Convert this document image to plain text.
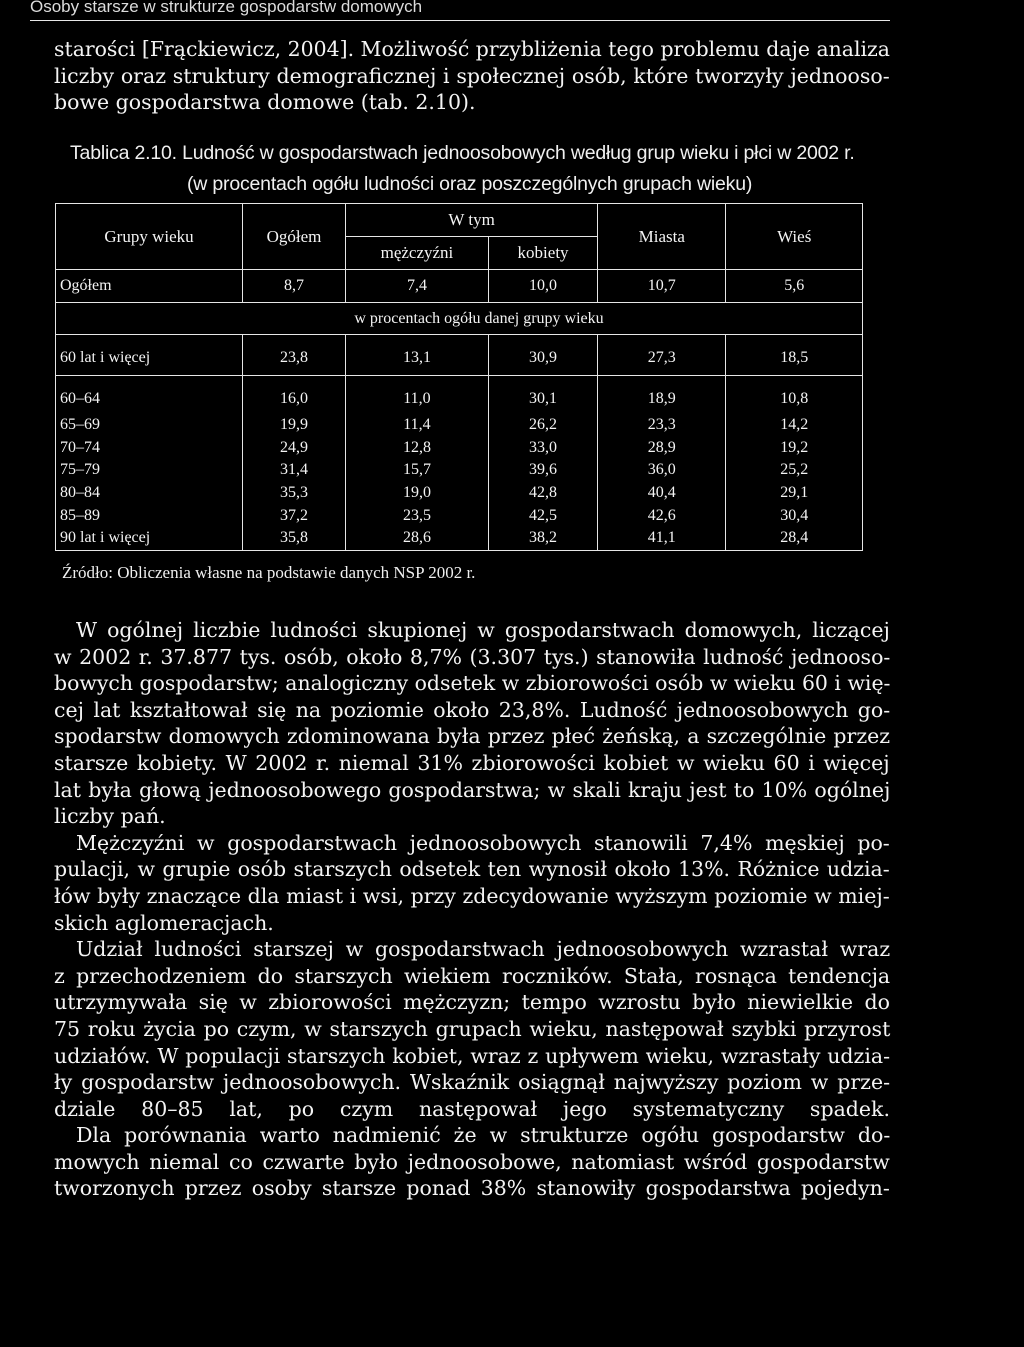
Osoby starsze w strukturze gospodarstw domowych
starości [Frąckiewicz, 2004]. Możliwość przybliżenia tego problemu daje analiza
liczby oraz struktury demograficznej i społecznej osób, które tworzyły jednooso-
bowe gospodarstwa domowe (tab. 2.10).
Tablica 2.10. Ludność w gospodarstwach jednoosobowych według grup wieku i płci w 2002 r.
(w procentach ogółu ludności oraz poszczególnych grupach wieku)
Grupy wieku	Ogółem	W tym		Miasta	Wieś
		mężczyźni	kobiety		
Ogółem	8,7	7,4	10,0	10,7	5,6
w procentach ogółu danej grupy wieku					
60 lat i więcej	23,8	13,1	30,9	27,3	18,5
60–64	16,0	11,0	30,1	18,9	10,8
65–69	19,9	11,4	26,2	23,3	14,2
70–74	24,9	12,8	33,0	28,9	19,2
75–79	31,4	15,7	39,6	36,0	25,2
80–84	35,3	19,0	42,8	40,4	29,1
85–89	37,2	23,5	42,5	42,6	30,4
90 lat i więcej	35,8	28,6	38,2	41,1	28,4
Źródło: Obliczenia własne na podstawie danych NSP 2002 r.
W ogólnej liczbie ludności skupionej w gospodarstwach domowych, liczącej
w 2002 r. 37.877 tys. osób, około 8,7% (3.307 tys.) stanowiła ludność jednooso-
bowych gospodarstw; analogiczny odsetek w zbiorowości osób w wieku 60 i wię-
cej lat kształtował się na poziomie około 23,8%. Ludność jednoosobowych go-
spodarstw domowych zdominowana była przez płeć żeńską, a szczególnie przez
starsze kobiety. W 2002 r. niemal 31% zbiorowości kobiet w wieku 60 i więcej
lat była głową jednoosobowego gospodarstwa; w skali kraju jest to 10% ogólnej
liczby pań.
Mężczyźni w gospodarstwach jednoosobowych stanowili 7,4% męskiej po-
pulacji, w grupie osób starszych odsetek ten wynosił około 13%. Różnice udzia-
łów były znaczące dla miast i wsi, przy zdecydowanie wyższym poziomie w miej-
skich aglomeracjach.
Udział ludności starszej w gospodarstwach jednoosobowych wzrastał wraz
z przechodzeniem do starszych wiekiem roczników. Stała, rosnąca tendencja
utrzymywała się w zbiorowości mężczyzn; tempo wzrostu było niewielkie do
75 roku życia po czym, w starszych grupach wieku, następował szybki przyrost
udziałów. W populacji starszych kobiet, wraz z upływem wieku, wzrastały udzia-
ły gospodarstw jednoosobowych. Wskaźnik osiągnął najwyższy poziom w prze-
dziale 80–85 lat, po czym następował jego systematyczny spadek.
Dla porównania warto nadmienić że w strukturze ogółu gospodarstw do-
mowych niemal co czwarte było jednoosobowe, natomiast wśród gospodarstw
tworzonych przez osoby starsze ponad 38% stanowiły gospodarstwa pojedyn-
